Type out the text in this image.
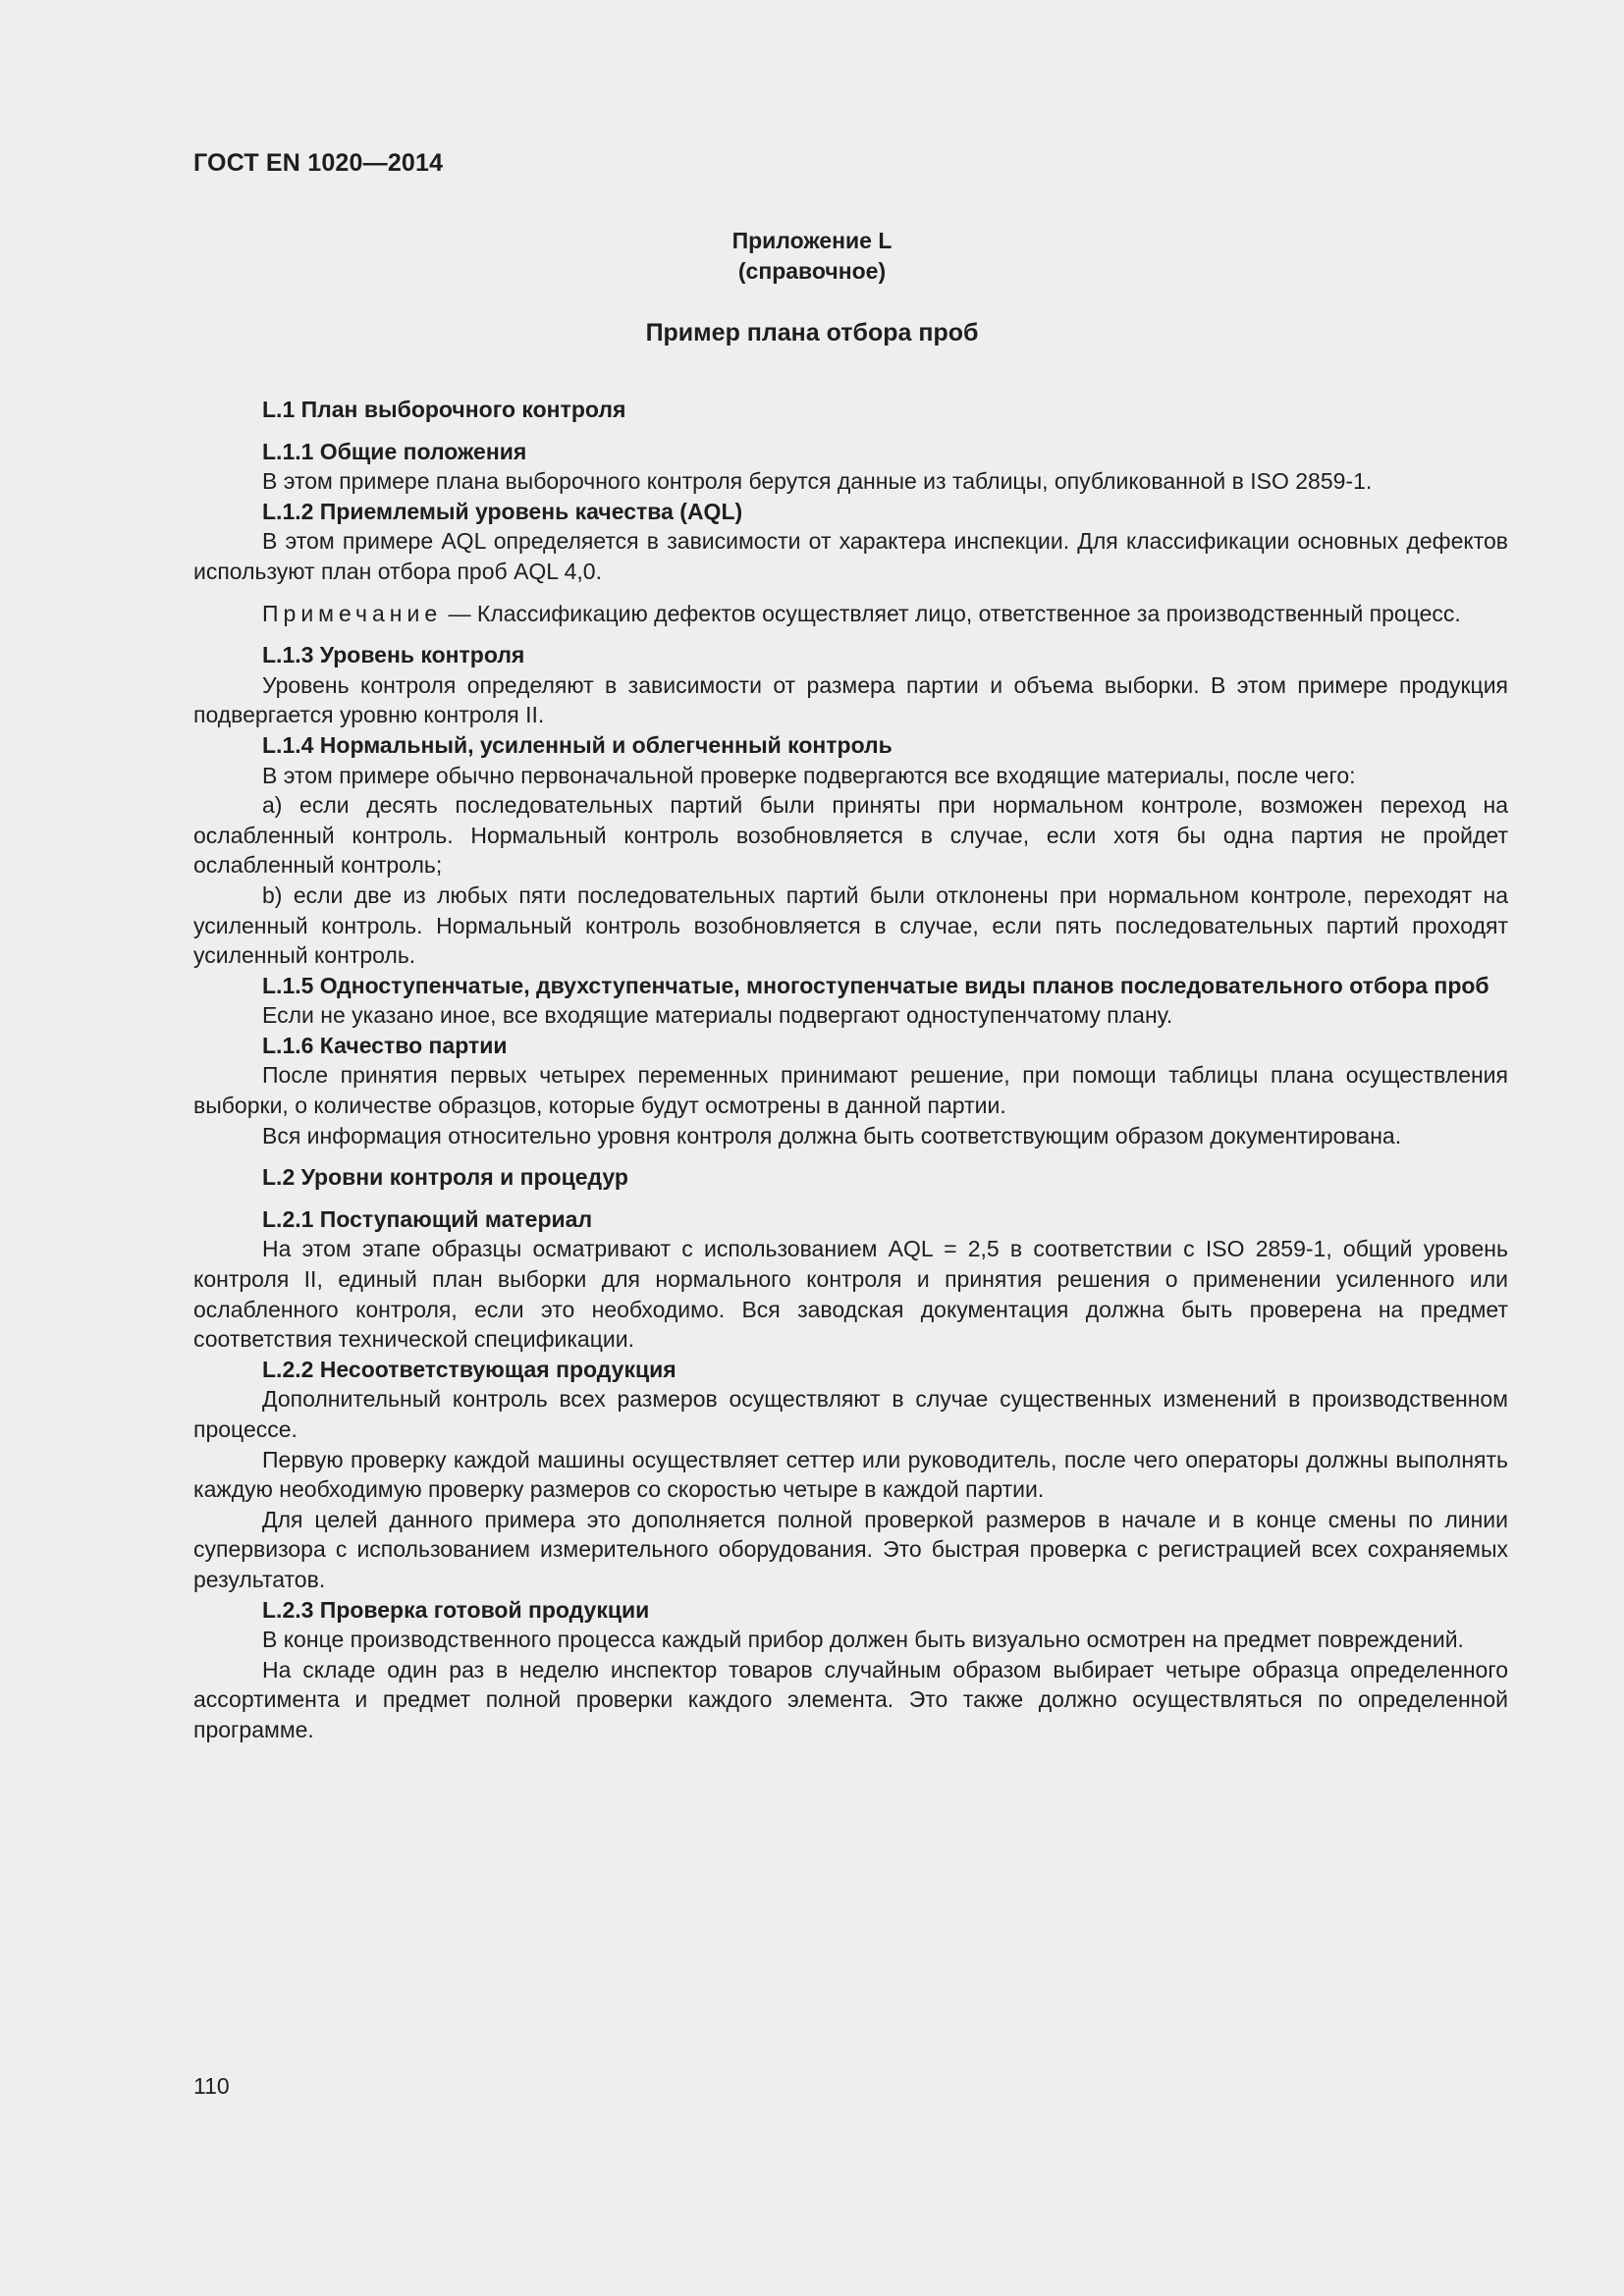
ГОСТ EN 1020—2014
Приложение L
(справочное)
Пример плана отбора проб

L.1 План выборочного контроля

L.1.1 Общие положения

В этом примере плана выборочного контроля берутся данные из таблицы, опубликованной в ISO 2859-1.

L.1.2 Приемлемый уровень качества (AQL)

В этом примере AQL определяется в зависимости от характера инспекции. Для классификации основных дефектов используют план отбора проб AQL 4,0.

Примечание — Классификацию дефектов осуществляет лицо, ответственное за производственный процесс.

L.1.3 Уровень контроля

Уровень контроля определяют в зависимости от размера партии и объема выборки. В этом примере продукция подвергается уровню контроля II.

L.1.4 Нормальный, усиленный и облегченный контроль

В этом примере обычно первоначальной проверке подвергаются все входящие материалы, после чего:

a) если десять последовательных партий были приняты при нормальном контроле, возможен переход на ослабленный контроль. Нормальный контроль возобновляется в случае, если хотя бы одна партия не пройдет ослабленный контроль;

b) если две из любых пяти последовательных партий были отклонены при нормальном контроле, переходят на усиленный контроль. Нормальный контроль возобновляется в случае, если пять последовательных партий проходят усиленный контроль.

L.1.5 Одноступенчатые, двухступенчатые, многоступенчатые виды планов последовательного отбора проб

Если не указано иное, все входящие материалы подвергают одноступенчатому плану.

L.1.6 Качество партии

После принятия первых четырех переменных принимают решение, при помощи таблицы плана осуществления выборки, о количестве образцов, которые будут осмотрены в данной партии.

Вся информация относительно уровня контроля должна быть соответствующим образом документирована.

L.2 Уровни контроля и процедур

L.2.1 Поступающий материал

На этом этапе образцы осматривают с использованием AQL = 2,5 в соответствии с ISO 2859-1, общий уровень контроля II, единый план выборки для нормального контроля и принятия решения о применении усиленного или ослабленного контроля, если это необходимо. Вся заводская документация должна быть проверена на предмет соответствия технической спецификации.

L.2.2 Несоответствующая продукция

Дополнительный контроль всех размеров осуществляют в случае существенных изменений в производственном процессе.

Первую проверку каждой машины осуществляет сеттер или руководитель, после чего операторы должны выполнять каждую необходимую проверку размеров со скоростью четыре в каждой партии.

Для целей данного примера это дополняется полной проверкой размеров в начале и в конце смены по линии супервизора с использованием измерительного оборудования. Это быстрая проверка с регистрацией всех сохраняемых результатов.

L.2.3 Проверка готовой продукции

В конце производственного процесса каждый прибор должен быть визуально осмотрен на предмет повреждений.

На складе один раз в неделю инспектор товаров случайным образом выбирает четыре образца определенного ассортимента и предмет полной проверки каждого элемента. Это также должно осуществляться по определенной программе.

110
